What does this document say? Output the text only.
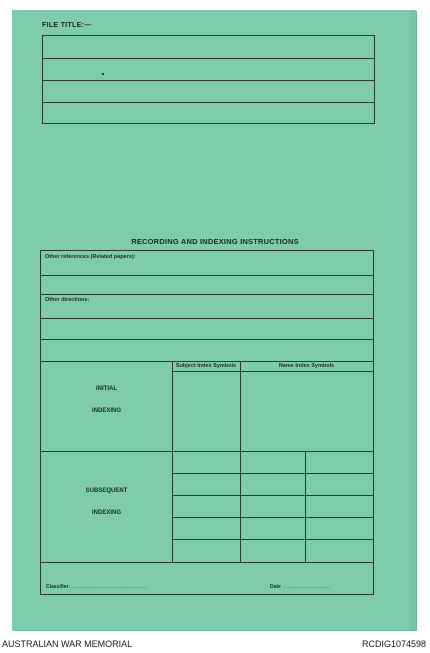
FILE TITLE:—
RECORDING AND INDEXING INSTRUCTIONS
Other references (Related papers):
Other directions:
Subject Index Symbols	Name Index Symbols
INITIAL
INDEXING
SUBSEQUENT
INDEXING
Classifier..........................................	Date .........................
AUSTRALIAN WAR MEMORIAL	RCDIG1074598
